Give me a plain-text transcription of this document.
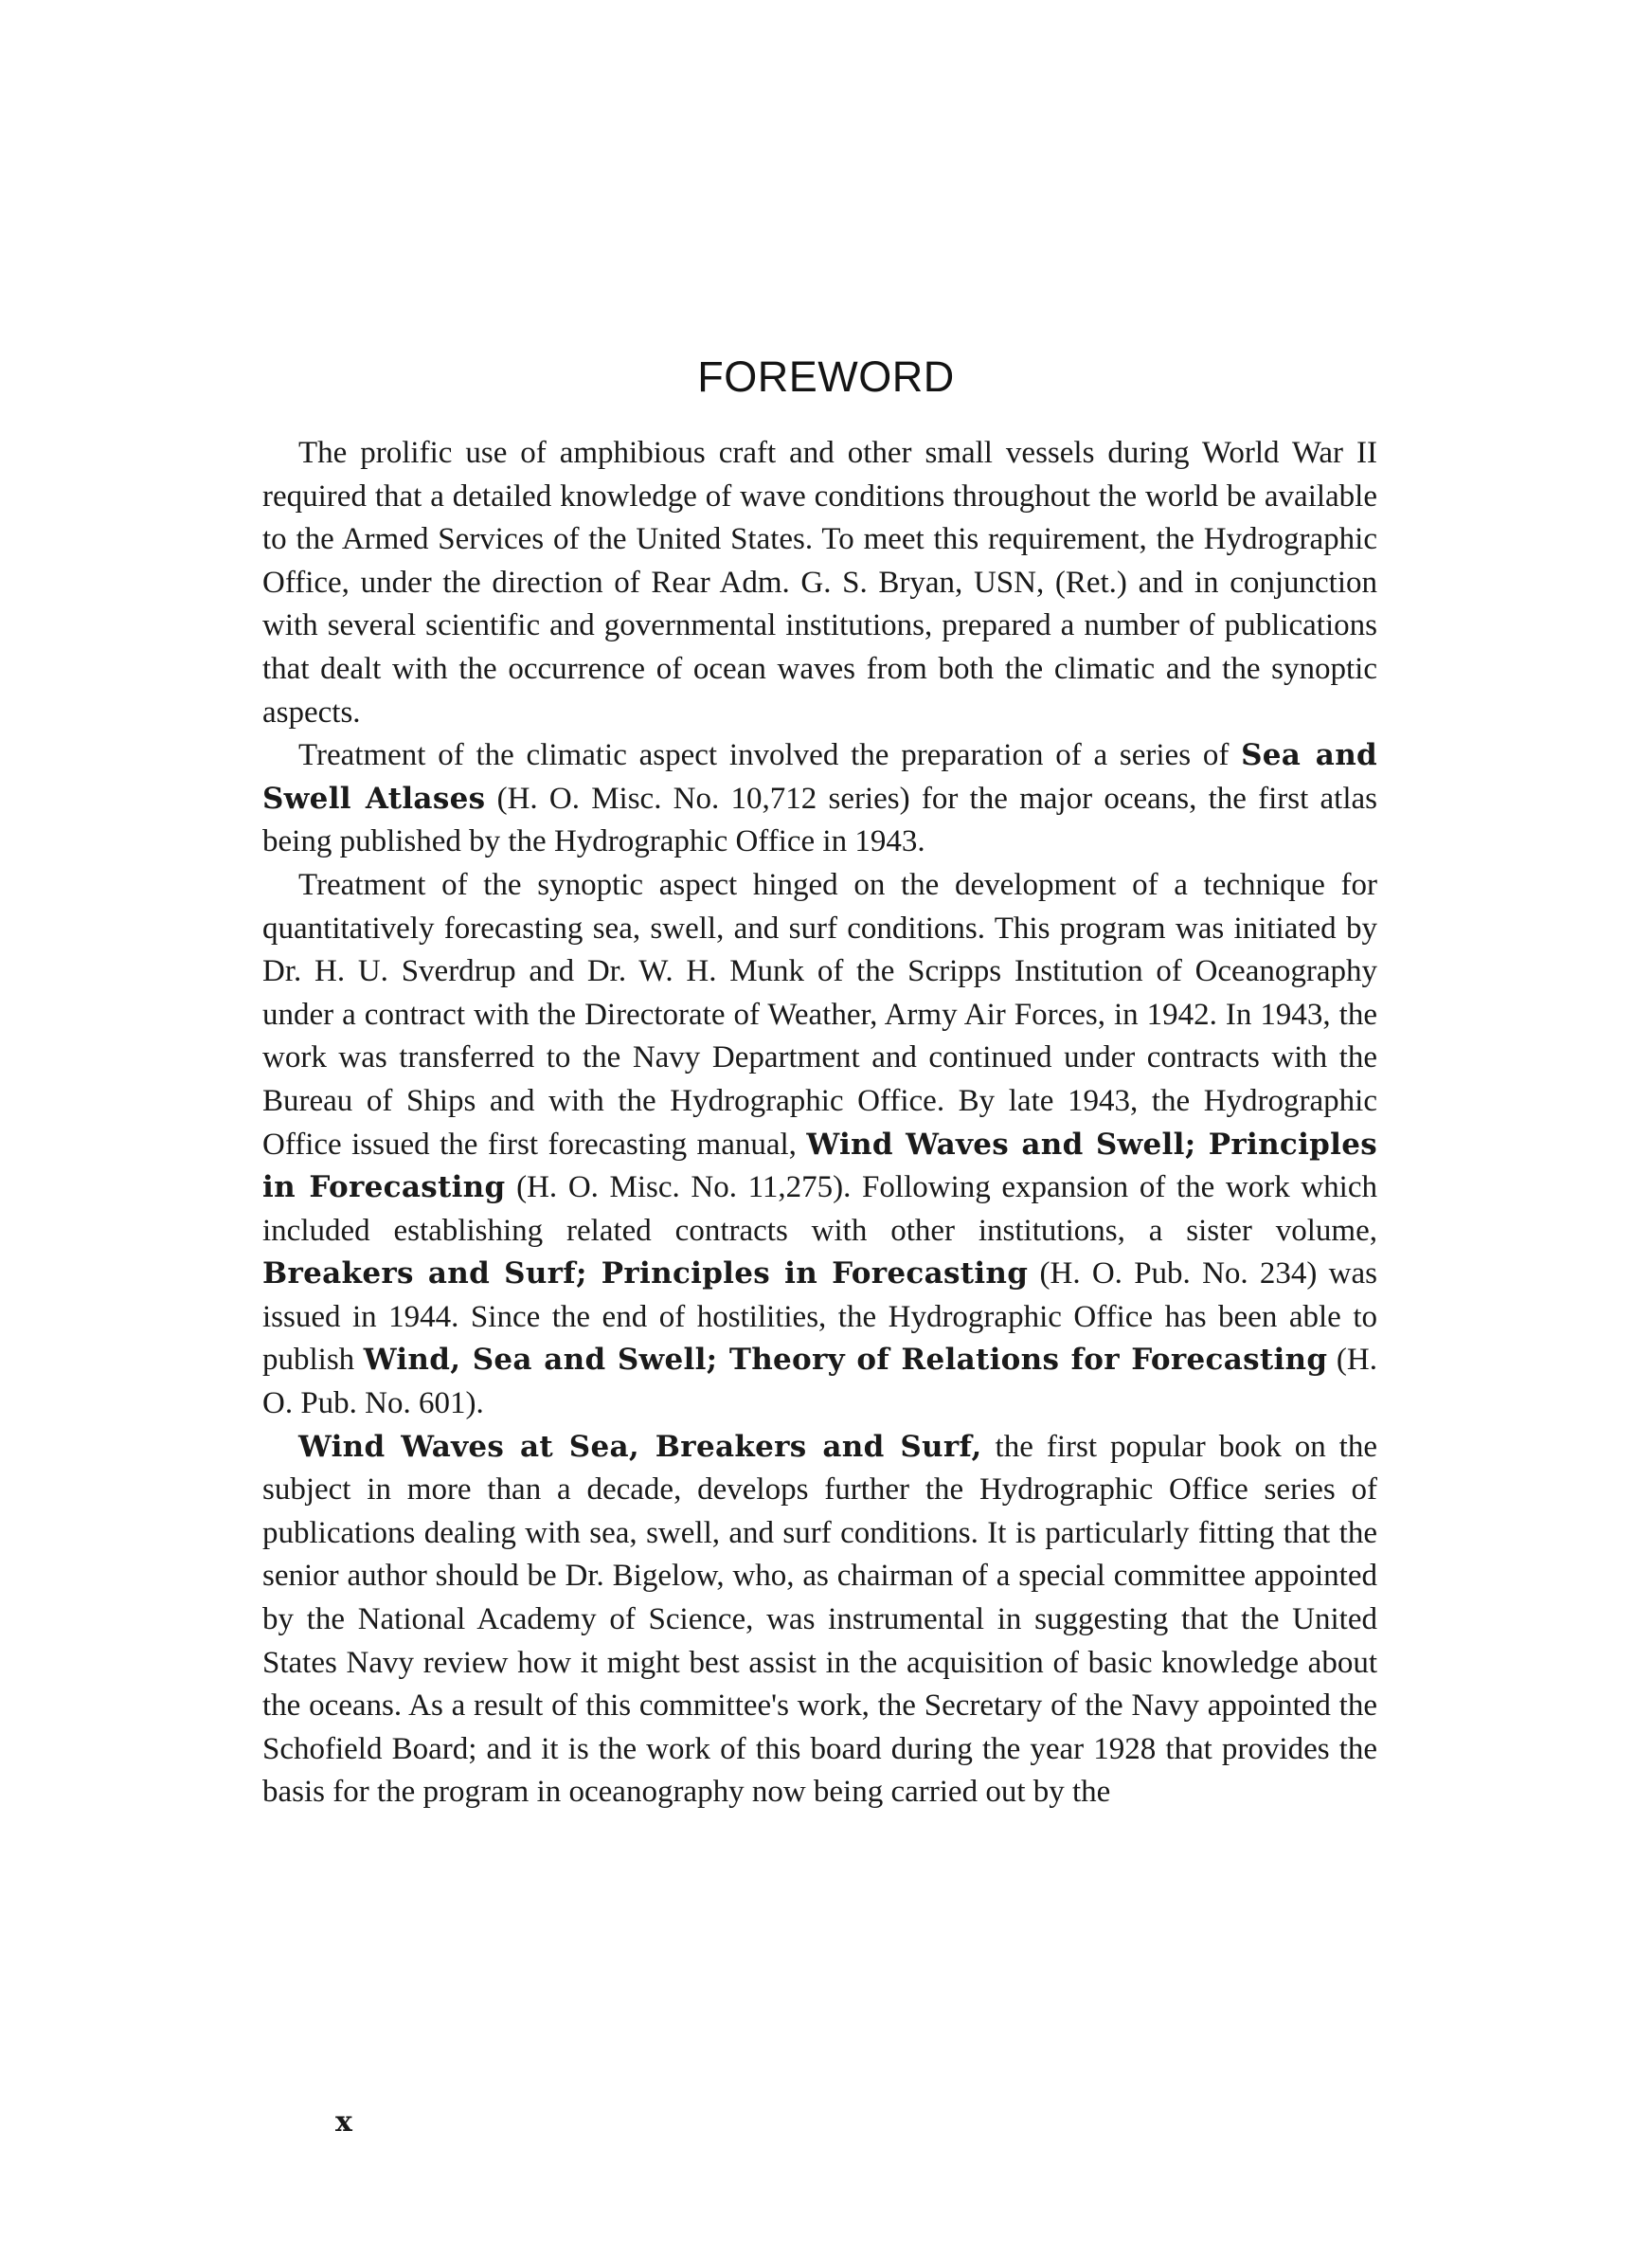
FOREWORD

The prolific use of amphibious craft and other small vessels during World War II required that a detailed knowledge of wave conditions throughout the world be available to the Armed Services of the United States. To meet this requirement, the Hydrographic Office, under the direction of Rear Adm. G. S. Bryan, USN, (Ret.) and in conjunction with several scientific and governmental institutions, prepared a number of publications that dealt with the occurrence of ocean waves from both the climatic and the synoptic aspects.

Treatment of the climatic aspect involved the preparation of a series of Sea and Swell Atlases (H. O. Misc. No. 10,712 series) for the major oceans, the first atlas being published by the Hydrographic Office in 1943.

Treatment of the synoptic aspect hinged on the development of a technique for quantitatively forecasting sea, swell, and surf conditions. This program was initiated by Dr. H. U. Sverdrup and Dr. W. H. Munk of the Scripps Institution of Oceanography under a contract with the Directorate of Weather, Army Air Forces, in 1942. In 1943, the work was transferred to the Navy Department and continued under contracts with the Bureau of Ships and with the Hydrographic Office. By late 1943, the Hydrographic Office issued the first forecasting manual, Wind Waves and Swell; Principles in Forecasting (H. O. Misc. No. 11,275). Following expansion of the work which included establishing related contracts with other institutions, a sister volume, Breakers and Surf; Principles in Forecasting (H. O. Pub. No. 234) was issued in 1944. Since the end of hostilities, the Hydrographic Office has been able to publish Wind, Sea and Swell; Theory of Relations for Forecasting (H. O. Pub. No. 601).

Wind Waves at Sea, Breakers and Surf, the first popular book on the subject in more than a decade, develops further the Hydrographic Office series of publications dealing with sea, swell, and surf conditions. It is particularly fitting that the senior author should be Dr. Bigelow, who, as chairman of a special committee appointed by the National Academy of Science, was instrumental in suggesting that the United States Navy review how it might best assist in the acquisition of basic knowledge about the oceans. As a result of this committee's work, the Secretary of the Navy appointed the Schofield Board; and it is the work of this board during the year 1928 that provides the basis for the program in oceanography now being carried out by the

x
